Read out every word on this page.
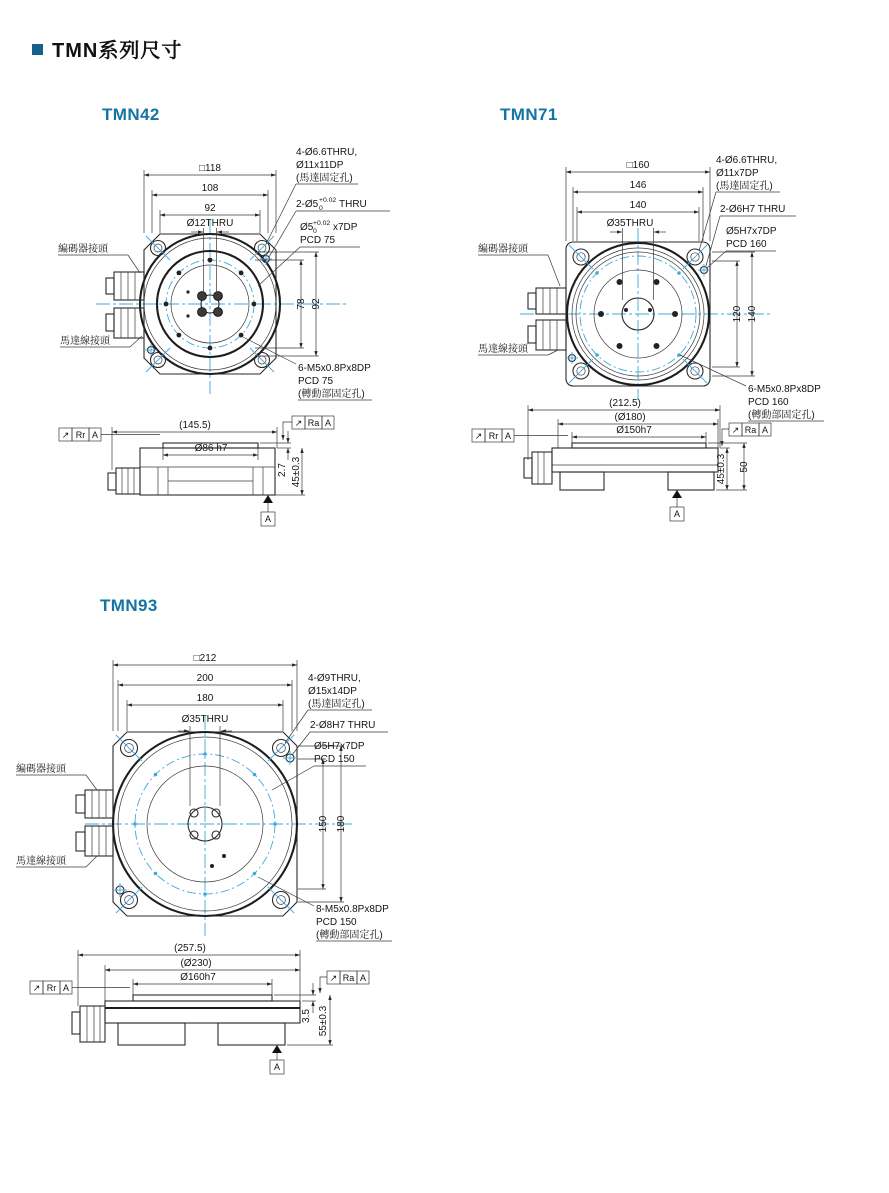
TMN系列尺寸
TMN42	TMN71
TMN93
編碼器接頭
馬達線接頭
□118
108
92
Ø12THRU
78 92
4-Ø6.6THRU,
Ø11x11DP
(馬達固定孔)
2-Ø5 +0.02
0 THRU
Ø5 +0.02
0 x7DP
PCD 75
6-M5x0.8Px8DP
PCD 75
(轉動部固定孔)
(145.5)
Ø86 h7
↗ Rr A
↗ Ra A
2.7 45±0.3
A
編碼器接頭
馬達線接頭
□160
146
140
Ø35THRU
120 140
4-Ø6.6THRU,
Ø11x7DP
(馬達固定孔)
2-Ø6H7 THRU
Ø5H7x7DP
PCD 160
6-M5x0.8Px8DP
PCD 160
(轉動部固定孔)
(212.5)
(Ø180)
Ø150h7
↗ Rr A
↗ Ra A
45±0.3 50
A
編碼器接頭
馬達線接頭
□212
200
180
Ø35THRU
150 180
4-Ø9THRU,
Ø15x14DP
(馬達固定孔)
2-Ø8H7 THRU
Ø5H7x7DP
PCD 150
8-M5x0.8Px8DP
PCD 150
(轉動部固定孔)
(257.5)
(Ø230)
Ø160h7
↗ Rr A
↗ Ra A
3.5 55±0.3
A
